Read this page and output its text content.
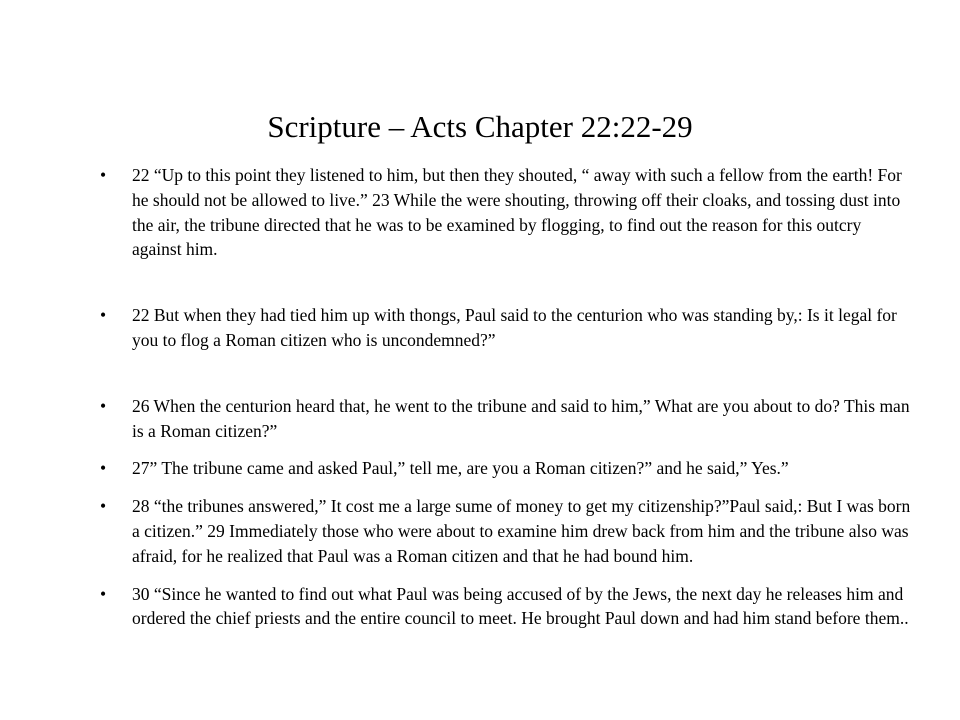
Scripture – Acts Chapter 22:22-29
•	22 “Up to this point they listened to him, but then they shouted, “ away with such a fellow from the earth! For he should not be allowed to live.” 23 While the were shouting, throwing off their cloaks, and tossing dust into the air, the tribune directed that he was to be examined by flogging, to find out the reason for this outcry against him.
•	22 But when they had tied him up with thongs, Paul said to the centurion who was standing by,: Is it legal for you to flog a Roman citizen who is uncondemned?”
•	26 When the centurion heard that, he went to the tribune and said to him,” What are you about to do? This man is a Roman citizen?”
•	27” The tribune came and asked Paul,” tell me, are you a Roman citizen?” and he said,” Yes.”
•	28 “the tribunes answered,” It cost me a large sume of money to get my citizenship?”Paul said,: But I was born a citizen.” 29 Immediately those who were about to examine him drew back from him and the tribune also was afraid, for he realized that Paul was a Roman citizen and that he had bound him.
•	30 “Since he wanted to find out what Paul was being accused of by the Jews, the next day he releases him and ordered the chief priests and the entire council to meet. He brought Paul down and had him stand before them..
